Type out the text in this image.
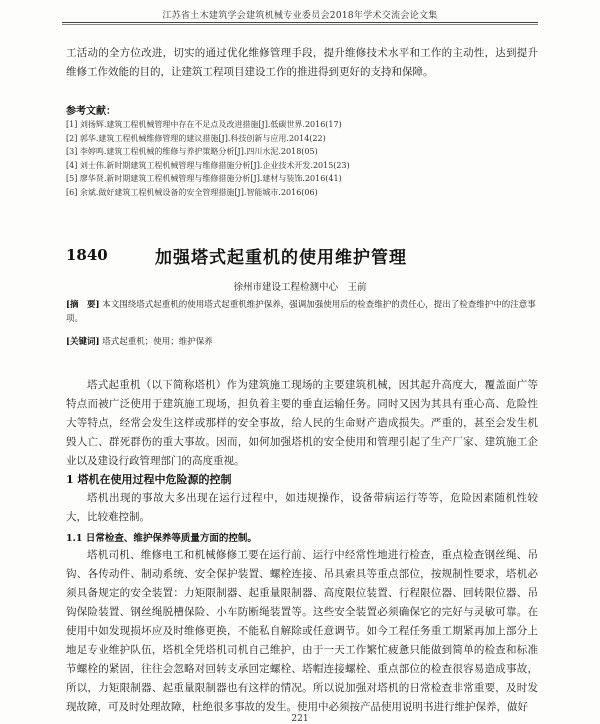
江苏省土木建筑学会建筑机械专业委员会2018年学术交流会论文集
工活动的全方位改进，切实的通过优化维修管理手段，提升维修技术水平和工作的主动性，达到提升维修工作效能的目的，让建筑工程项目建设工作的推进得到更好的支持和保障。
参考文献：
[1] 刘扬辉.建筑工程机械管理中存在不足点及改进措施[J].低碳世界.2016(17)
[2] 郭华.建筑工程机械维修管理的建议措施[J].科技创新与应用.2014(22)
[3] 李婷鸣.建筑工程机械的维修与养护策略分析[J].四川水泥.2018(05)
[4] 刘士伟.新时期建筑工程机械管理与维修措施分析[J].企业技术开发.2015(23)
[5] 廖华贤.新时期建筑工程机械管理与维修措施分析[J].建材与装饰.2016(41)
[6] 余斌.做好建筑工程机械设备的安全管理措施[J].智能城市.2016(06)
1840	加强塔式起重机的使用维护管理
徐州市建设工程检测中心　王前
[摘　要] 本文围绕塔式起重机的使用塔式起重机维护保养，强调加强使用后的检查维护的责任心，提出了检查维护中的注意事项。
[关键词] 塔式起重机；使用；维护保养
塔式起重机（以下简称塔机）作为建筑施工现场的主要建筑机械，因其起升高度大，覆盖面广等特点而被广泛使用于建筑施工现场，担负着主要的垂直运输任务。同时又因为其具有重心高、危险性大等特点，经常会发生这样或那样的安全事故，给人民的生命财产造成损失。严重的，甚至会发生机毁人亡、群死群伤的重大事故。因而，如何加强塔机的安全使用和管理引起了生产厂家、建筑施工企业以及建设行政管理部门的高度重视。
1 塔机在使用过程中危险源的控制
塔机出现的事故大多出现在运行过程中，如违规操作，设备带病运行等等，危险因素随机性较大，比较难控制。
1.1 日常检查、维护保养等质量方面的控制。
塔机司机、维修电工和机械修修工要在运行前、运行中经常性地进行检查，重点检查钢丝绳、吊钩、各传动件、制动系统、安全保护装置、螺栓连接、吊具索具等重点部位，按规制性要求，塔机必须具备规定的安全装置：力矩限制器、起重量限制器、高度限位装置、行程限位器、回转限位器、吊钩保险装置、钢丝绳脱槽保险、小车防断绳装置等。这些安全装置必须确保它的完好与灵敏可靠。在使用中如发现损坏应及时维修更换，不能私自解除或任意调节。如今工程任务重工期紧再加上部分上地足专业维护队伍，塔机全凭塔机司机自己维护，由于一天工作繁忙疲惫只能做到简单的检查和标准节螺栓的紧固，往往会忽略对回转支承回定螺栓、塔帽连接螺栓、重点部位的检查很容易造成事故，所以，力矩限制器、起重量限制器也有这样的情况。所以说加强对塔机的日常检查非常重要，及时发现故障，可及时处理故障，杜绝很多事故的发生。使用中必须按产品使用说明书进行维护保养，做好
221
